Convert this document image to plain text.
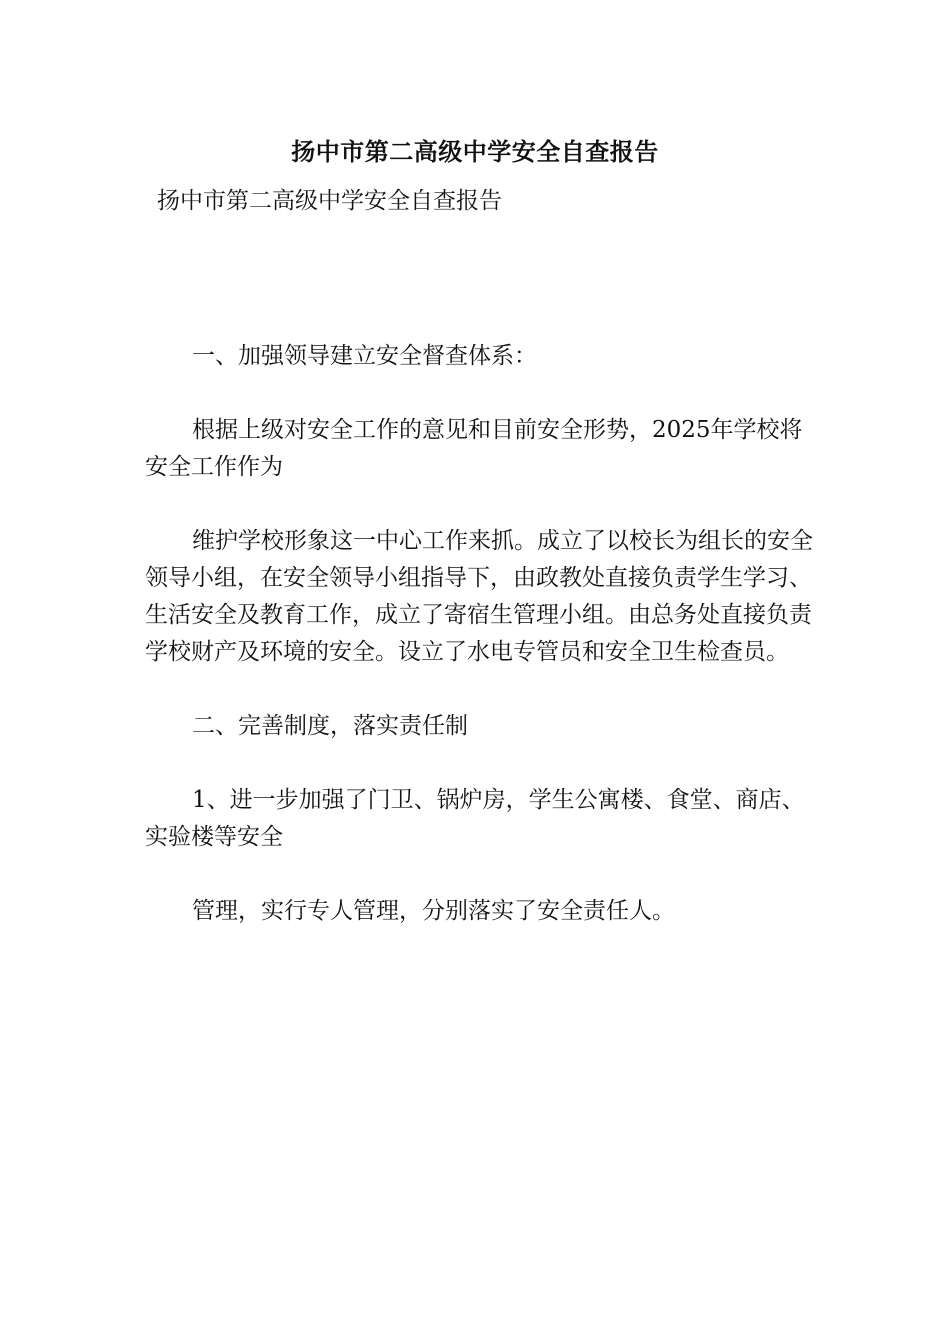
扬中市第二高级中学安全自查报告
扬中市第二高级中学安全自查报告

一、加强领导建立安全督查体系：

根据上级对安全工作的意见和目前安全形势，2025年学校将安全工作作为

维护学校形象这一中心工作来抓。成立了以校长为组长的安全领导小组，在安全领导小组指导下，由政教处直接负责学生学习、生活安全及教育工作，成立了寄宿生管理小组。由总务处直接负责学校财产及环境的安全。设立了水电专管员和安全卫生检查员。

二、完善制度，落实责任制

1、进一步加强了门卫、锅炉房，学生公寓楼、食堂、商店、实验楼等安全

管理，实行专人管理，分别落实了安全责任人。
